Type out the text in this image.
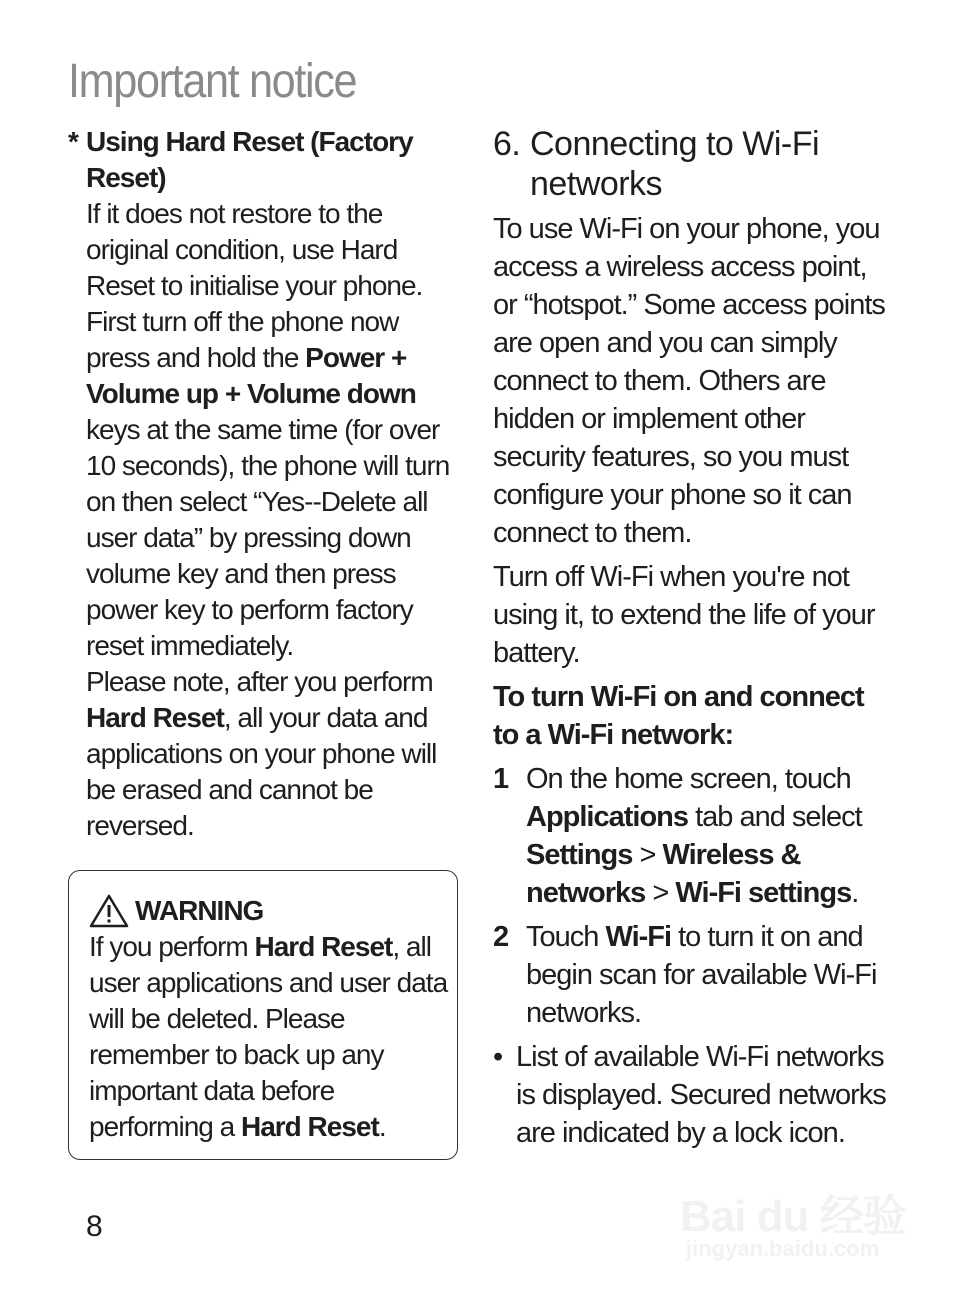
Important notice
* Using Hard Reset (Factory Reset)
If it does not restore to the original condition, use Hard Reset to initialise your phone. First turn off the phone now press and hold the Power + Volume up + Volume down keys at the same time (for over 10 seconds), the phone will turn on then select “Yes--Delete all user data” by pressing down volume key and then press power key to perform factory reset immediately.
Please note, after you perform Hard Reset, all your data and applications on your phone will be erased and cannot be reversed.
WARNING
If you perform Hard Reset, all user applications and user data will be deleted. Please remember to back up any important data before performing a Hard Reset.
6. Connecting to Wi-Fi networks

To use Wi-Fi on your phone, you access a wireless access point, or “hotspot.” Some access points are open and you can simply connect to them. Others are hidden or implement other security features, so you must configure your phone so it can connect to them.

Turn off Wi-Fi when you're not using it, to extend the life of your battery.

To turn Wi-Fi on and connect to a Wi-Fi network:
1 On the home screen, touch Applications tab and select Settings > Wireless & networks > Wi-Fi settings.
2 Touch Wi-Fi to turn it on and begin scan for available Wi-Fi networks.
• List of available Wi-Fi networks is displayed. Secured networks are indicated by a lock icon.
8	Bai du 经验
jingyan.baidu.com
